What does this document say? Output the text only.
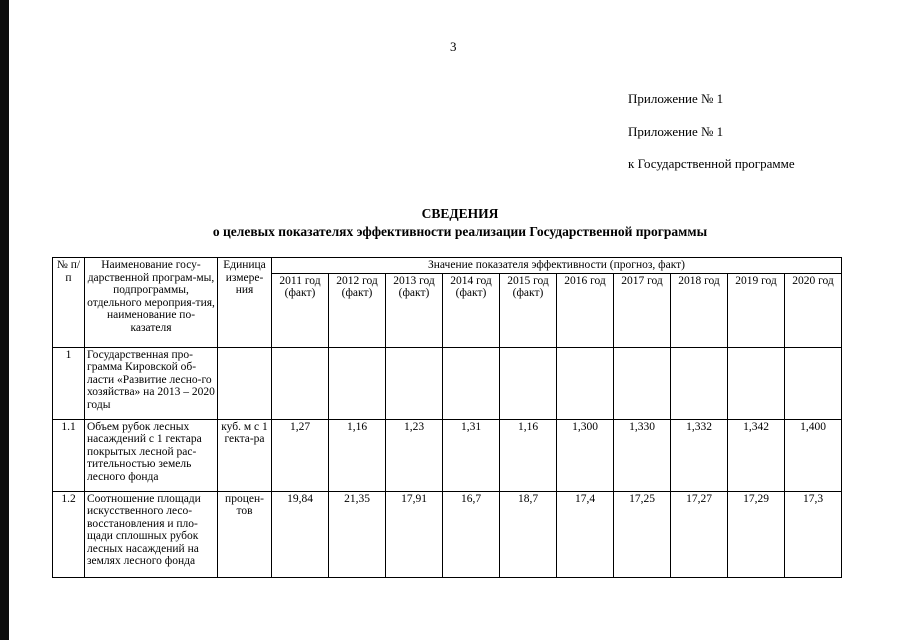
3
Приложение № 1
Приложение № 1
к Государственной программе
СВЕДЕНИЯ
о целевых показателях эффективности реализации Государственной программы
№ п/п	Наименование госу-дарственной програм-мы, подпрограммы, отдельного мероприя-тия, наименование по-казателя	Единица измере-ния	Значение показателя эффективности (прогноз, факт)									
			2011 год (факт)	2012 год (факт)	2013 год (факт)	2014 год (факт)	2015 год (факт)	2016 год	2017 год	2018 год	2019 год	2020 год
1	Государственная про-грамма Кировской об-ласти «Развитие лесно-го хозяйства» на 2013 – 2020 годы											
1.1	Объем рубок лесных насаждений с 1 гектара покрытых лесной рас-тительностью земель лесного фонда	куб. м с 1 гекта-ра	1,27	1,16	1,23	1,31	1,16	1,300	1,330	1,332	1,342	1,400
1.2	Соотношение площади искусственного лесо-восстановления и пло-щади сплошных рубок лесных насаждений на землях лесного фонда	процен-тов	19,84	21,35	17,91	16,7	18,7	17,4	17,25	17,27	17,29	17,3
